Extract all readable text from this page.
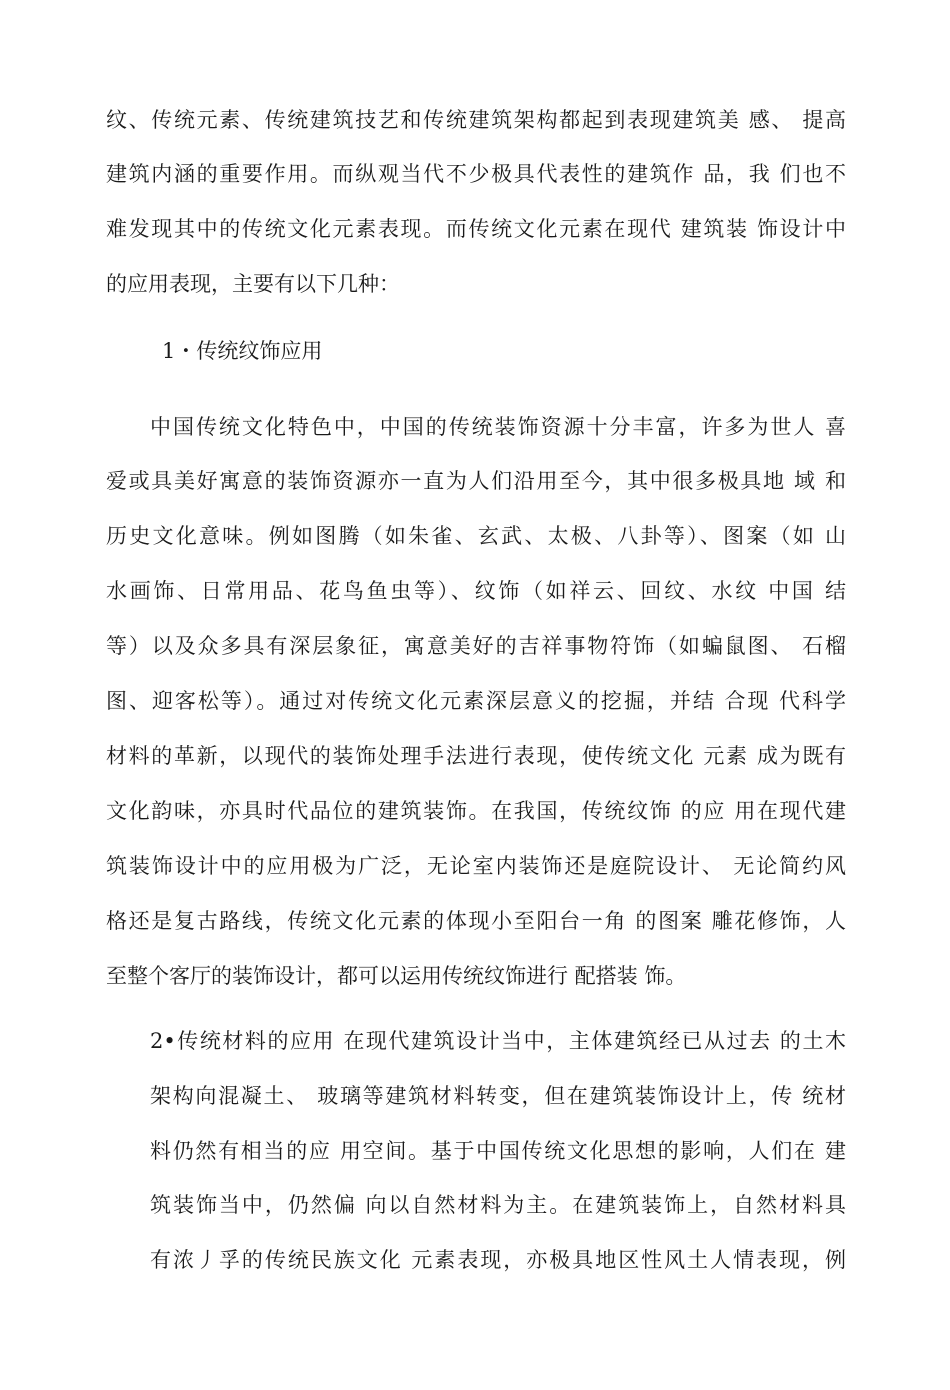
纹、传统元素、传统建筑技艺和传统建筑架构都起到表现建筑美 感、 提高
建筑内涵的重要作用。而纵观当代不少极具代表性的建筑作 品，我 们也不
难发现其中的传统文化元素表现。而传统文化元素在现代 建筑装 饰设计中
的应用表现，主要有以下几种：
1・传统纹饰应用
中国传统文化特色中，中国的传统装饰资源十分丰富，许多为世人 喜
爱或具美好寓意的装饰资源亦一直为人们沿用至今，其中很多极具地 域 和
历史文化意味。例如图腾（如朱雀、玄武、太极、八卦等）、图案（如 山
水画饰、日常用品、花鸟鱼虫等）、纹饰（如祥云、回纹、水纹 中国 结
等）以及众多具有深层象征，寓意美好的吉祥事物符饰（如蝙鼠图、 石榴
图、迎客松等）。通过对传统文化元素深层意义的挖掘，并结 合现 代科学
材料的革新，以现代的装饰处理手法进行表现，使传统文化 元素 成为既有
文化韵味，亦具时代品位的建筑装饰。在我国，传统纹饰 的应 用在现代建
筑装饰设计中的应用极为广泛，无论室内装饰还是庭院设计、 无论简约风
格还是复古路线，传统文化元素的体现小至阳台一角 的图案 雕花修饰，人
至整个客厅的装饰设计，都可以运用传统纹饰进行 配搭装 饰。
2•传统材料的应用 在现代建筑设计当中，主体建筑经已从过去 的土木
架构向混凝土、 玻璃等建筑材料转变，但在建筑装饰设计上，传 统材
料仍然有相当的应 用空间。基于中国传统文化思想的影响，人们在 建
筑装饰当中，仍然偏 向以自然材料为主。在建筑装饰上，自然材料具
有浓丿孚的传统民族文化 元素表现，亦极具地区性风土人情表现，例
